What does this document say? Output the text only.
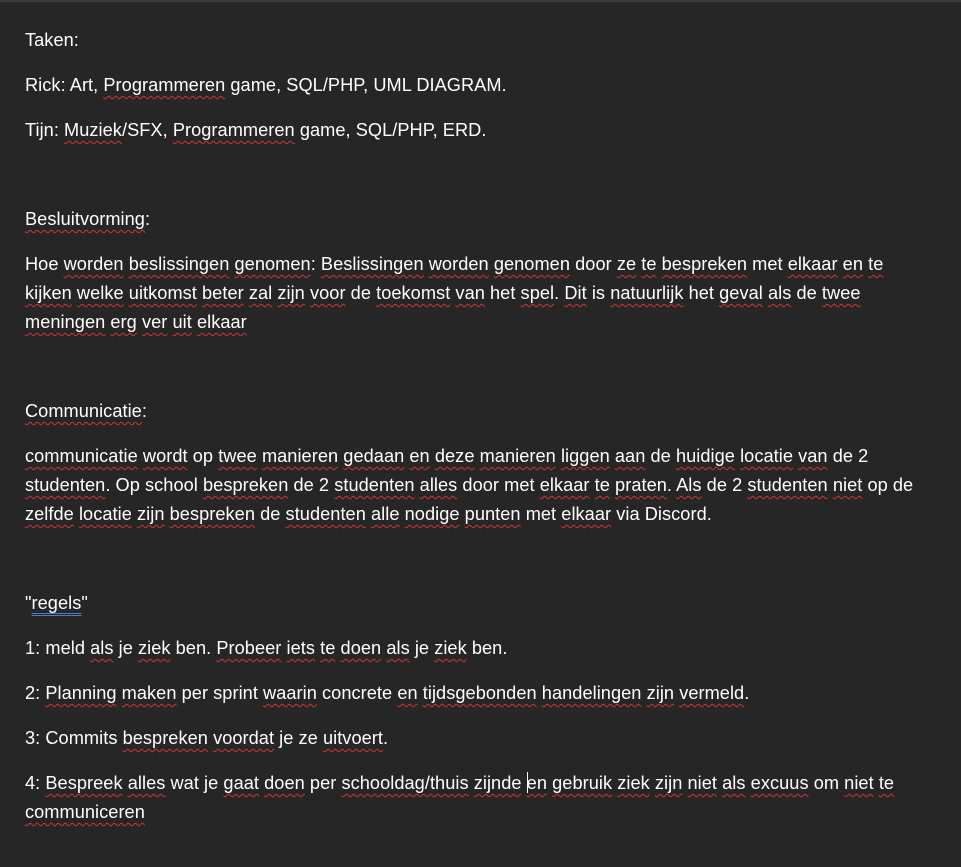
Taken:

Rick: Art, Programmeren game, SQL/PHP, UML DIAGRAM.

Tijn: Muziek/SFX, Programmeren game, SQL/PHP, ERD.

Besluitvorming:

Hoe worden beslissingen genomen: Beslissingen worden genomen door ze te bespreken met elkaar en te kijken welke uitkomst beter zal zijn voor de toekomst van het spel. Dit is natuurlijk het geval als de twee meningen erg ver uit elkaar

Communicatie:

communicatie wordt op twee manieren gedaan en deze manieren liggen aan de huidige locatie van de 2 studenten. Op school bespreken de 2 studenten alles door met elkaar te praten. Als de 2 studenten niet op de zelfde locatie zijn bespreken de studenten alle nodige punten met elkaar via Discord.

"regels"

1: meld als je ziek ben. Probeer iets te doen als je ziek ben.

2: Planning maken per sprint waarin concrete en tijdsgebonden handelingen zijn vermeld.

3: Commits bespreken voordat je ze uitvoert.

4: Bespreek alles wat je gaat doen per schooldag/thuis zijnde en gebruik ziek zijn niet als excuus om niet te communiceren
